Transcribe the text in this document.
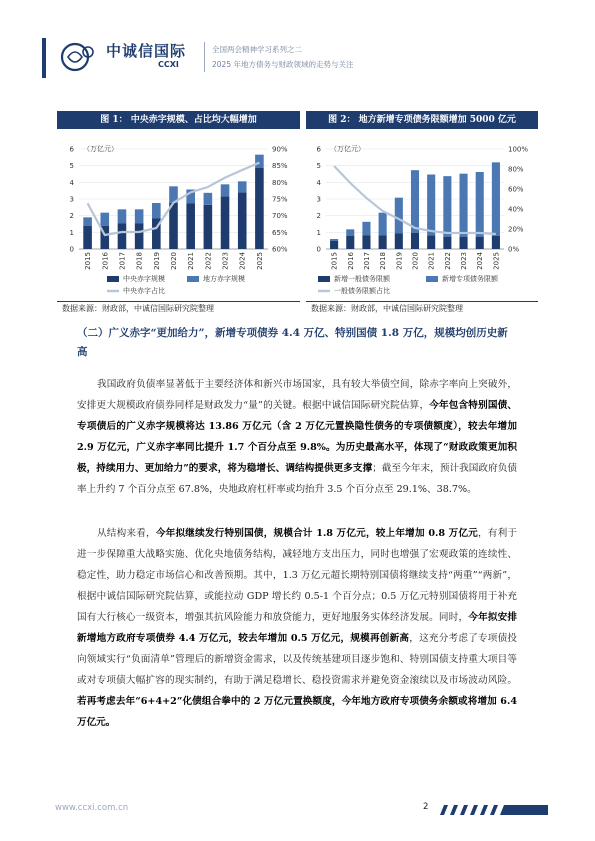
中诚信国际
CCXI
全国两会精神学习系列之二
2025 年地方债务与财政领域的走势与关注
图 1： 中央赤字规模、占比均大幅增加
（万亿元）
0
1
2
3
4
5
6
60%
65%
70%
75%
80%
85%
90%
2015 2016 2017 2018 2019 2020 2021 2022 2023 2024 2025
中央赤字规模	地方赤字规模
中央赤字占比
数据来源：财政部，中诚信国际研究院整理
图 2： 地方新增专项债务限额增加 5000 亿元
（万亿元）
0
1
2
3
4
5
6
0%
20%
40%
60%
80%
100%
2015 2016 2017 2018 2019 2020 2021 2022 2023 2024 2025
新增一般债务限额	新增专项债务限额
一般债务限额占比
数据来源：财政部，中诚信国际研究院整理
（二）广义赤字“更加给力”，新增专项债券 4.4 万亿、特别国债 1.8 万亿，规模均创历史新高
我国政府负债率显著低于主要经济体和新兴市场国家，具有较大举债空间，除赤字率向上突破外，安排更大规模政府债券同样是财政发力“量”的关键。根据中诚信国际研究院估算，今年包含特别国债、专项债后的广义赤字规模将达 13.86 万亿元（含 2 万亿元置换隐性债务的专项债额度），较去年增加 2.9 万亿元，广义赤字率同比提升 1.7 个百分点至 9.8%。为历史最高水平，体现了“财政政策更加积极，持续用力、更加给力”的要求，将为稳增长、调结构提供更多支撑；截至今年末，预计我国政府负债率上升约 7 个百分点至 67.8%，央地政府杠杆率或均抬升 3.5 个百分点至 29.1%、38.7%。
从结构来看，今年拟继续发行特别国债，规模合计 1.8 万亿元，较上年增加 0.8 万亿元，有利于进一步保障重大战略实施、优化央地债务结构，减轻地方支出压力，同时也增强了宏观政策的连续性、稳定性，助力稳定市场信心和改善预期。其中，1.3 万亿元超长期特别国债将继续支持“两重”“两新”，根据中诚信国际研究院估算，或能拉动 GDP 增长约 0.5-1 个百分点；0.5 万亿元特别国债将用于补充国有大行核心一级资本，增强其抗风险能力和放贷能力，更好地服务实体经济发展。同时，今年拟安排新增地方政府专项债券 4.4 万亿元，较去年增加 0.5 万亿元，规模再创新高，这充分考虑了专项债投向领域实行“负面清单”管理后的新增资金需求，以及传统基建项目逐步饱和、特别国债支持重大项目等或对专项债大幅扩容的现实制约，有助于满足稳增长、稳投资需求并避免资金滚续以及市场波动风险。若再考虑去年“6+4+2”化债组合拳中的 2 万亿元置换额度，今年地方政府专项债务余额或将增加 6.4 万亿元。
www.ccxi.com.cn	2
